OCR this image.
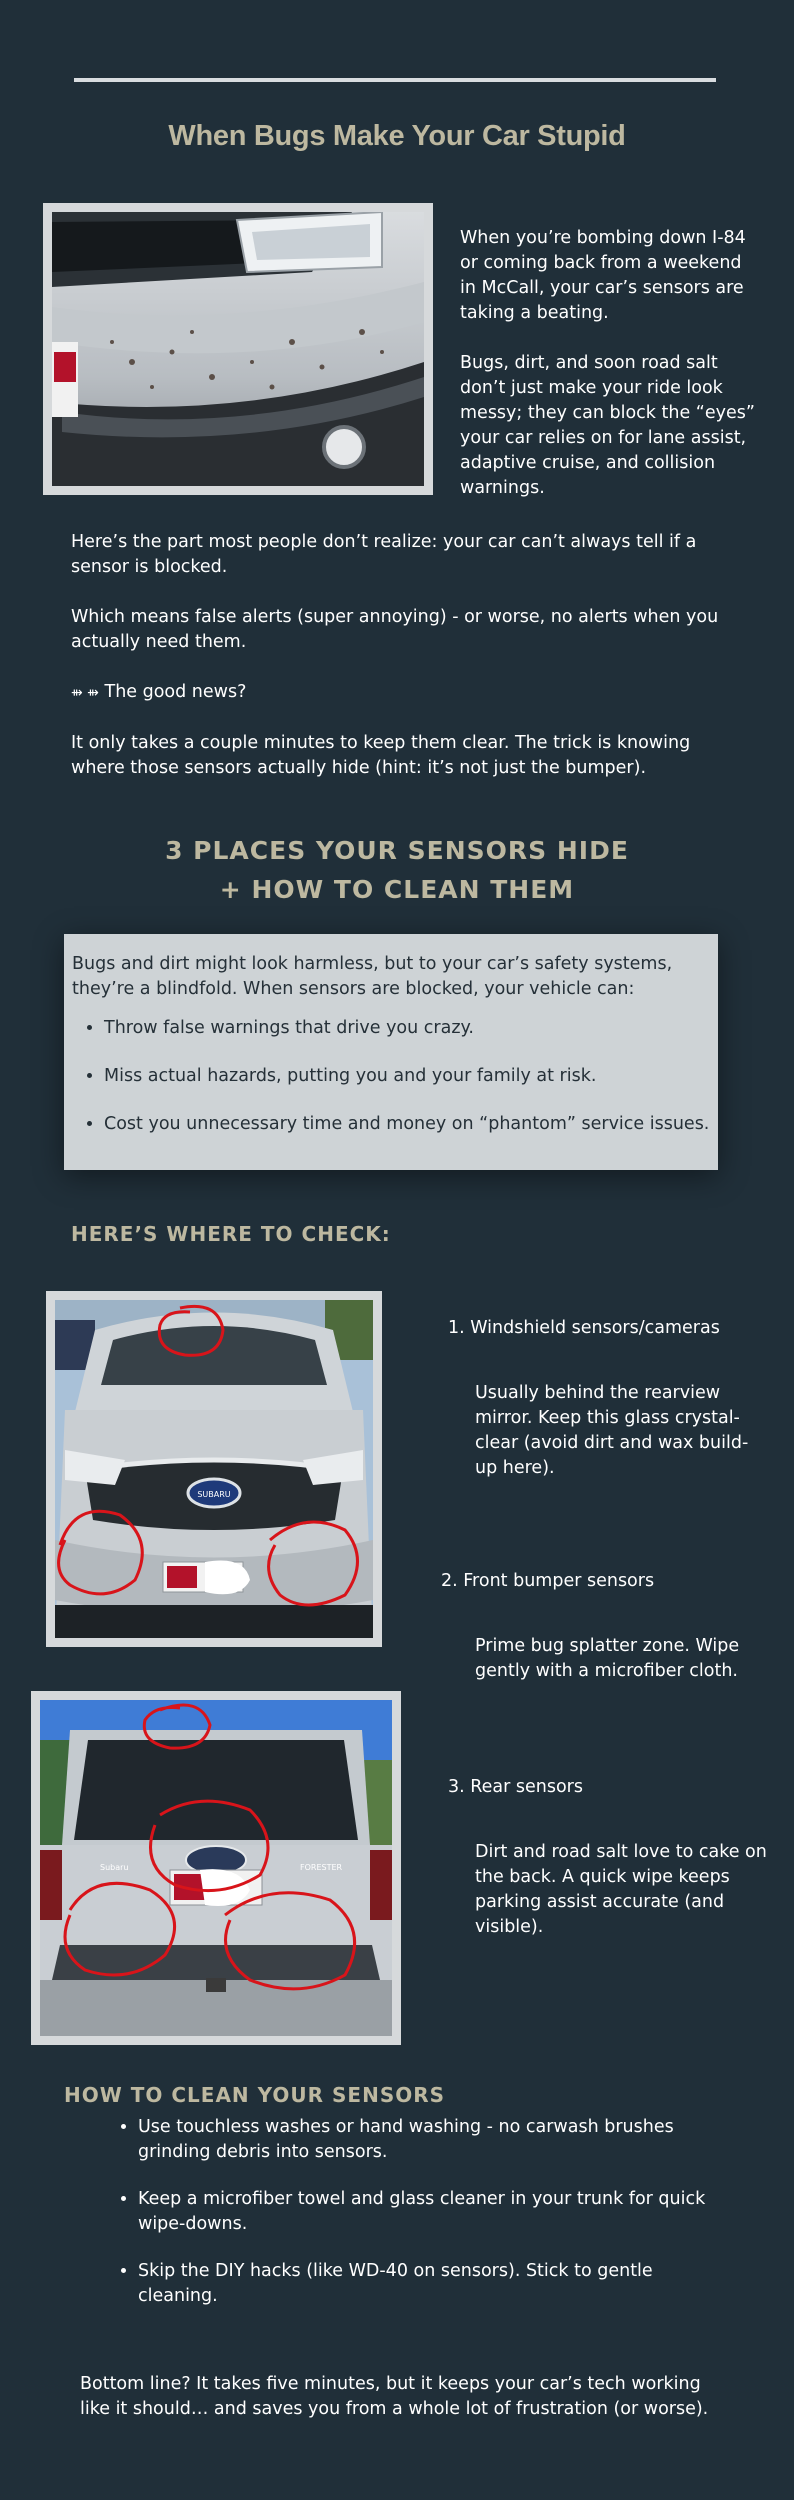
When Bugs Make Your Car Stupid

When you’re bombing down I-84 or coming back from a weekend in McCall, your car’s sensors are taking a beating.

Bugs, dirt, and soon road salt don’t just make your ride look messy; they can block the “eyes” your car relies on for lane assist, adaptive cruise, and collision warnings.

Here’s the part most people don’t realize: your car can’t always tell if a sensor is blocked.

Which means false alerts (super annoying) - or worse, no alerts when you actually need them.

⇻ ⇻ The good news?

It only takes a couple minutes to keep them clear. The trick is knowing where those sensors actually hide (hint: it’s not just the bumper).

3 PLACES YOUR SENSORS HIDE
+ HOW TO CLEAN THEM

Bugs and dirt might look harmless, but to your car’s safety systems, they’re a blindfold. When sensors are blocked, your vehicle can:

• Throw false warnings that drive you crazy.
• Miss actual hazards, putting you and your family at risk.
• Cost you unnecessary time and money on “phantom” service issues.
HERE’S WHERE TO CHECK:
SUBARU
Subaru	FORESTER
1. Windshield sensors/cameras
Usually behind the rearview mirror. Keep this glass crystal-clear (avoid dirt and wax build-up here).
2. Front bumper sensors
Prime bug splatter zone. Wipe gently with a microfiber cloth.
3. Rear sensors
Dirt and road salt love to cake on the back. A quick wipe keeps parking assist accurate (and visible).
HOW TO CLEAN YOUR SENSORS
• Use touchless washes or hand washing - no carwash brushes grinding debris into sensors.
• Keep a microfiber towel and glass cleaner in your trunk for quick wipe-downs.
• Skip the DIY hacks (like WD-40 on sensors). Stick to gentle cleaning.
Bottom line? It takes five minutes, but it keeps your car’s tech working like it should… and saves you from a whole lot of frustration (or worse).
